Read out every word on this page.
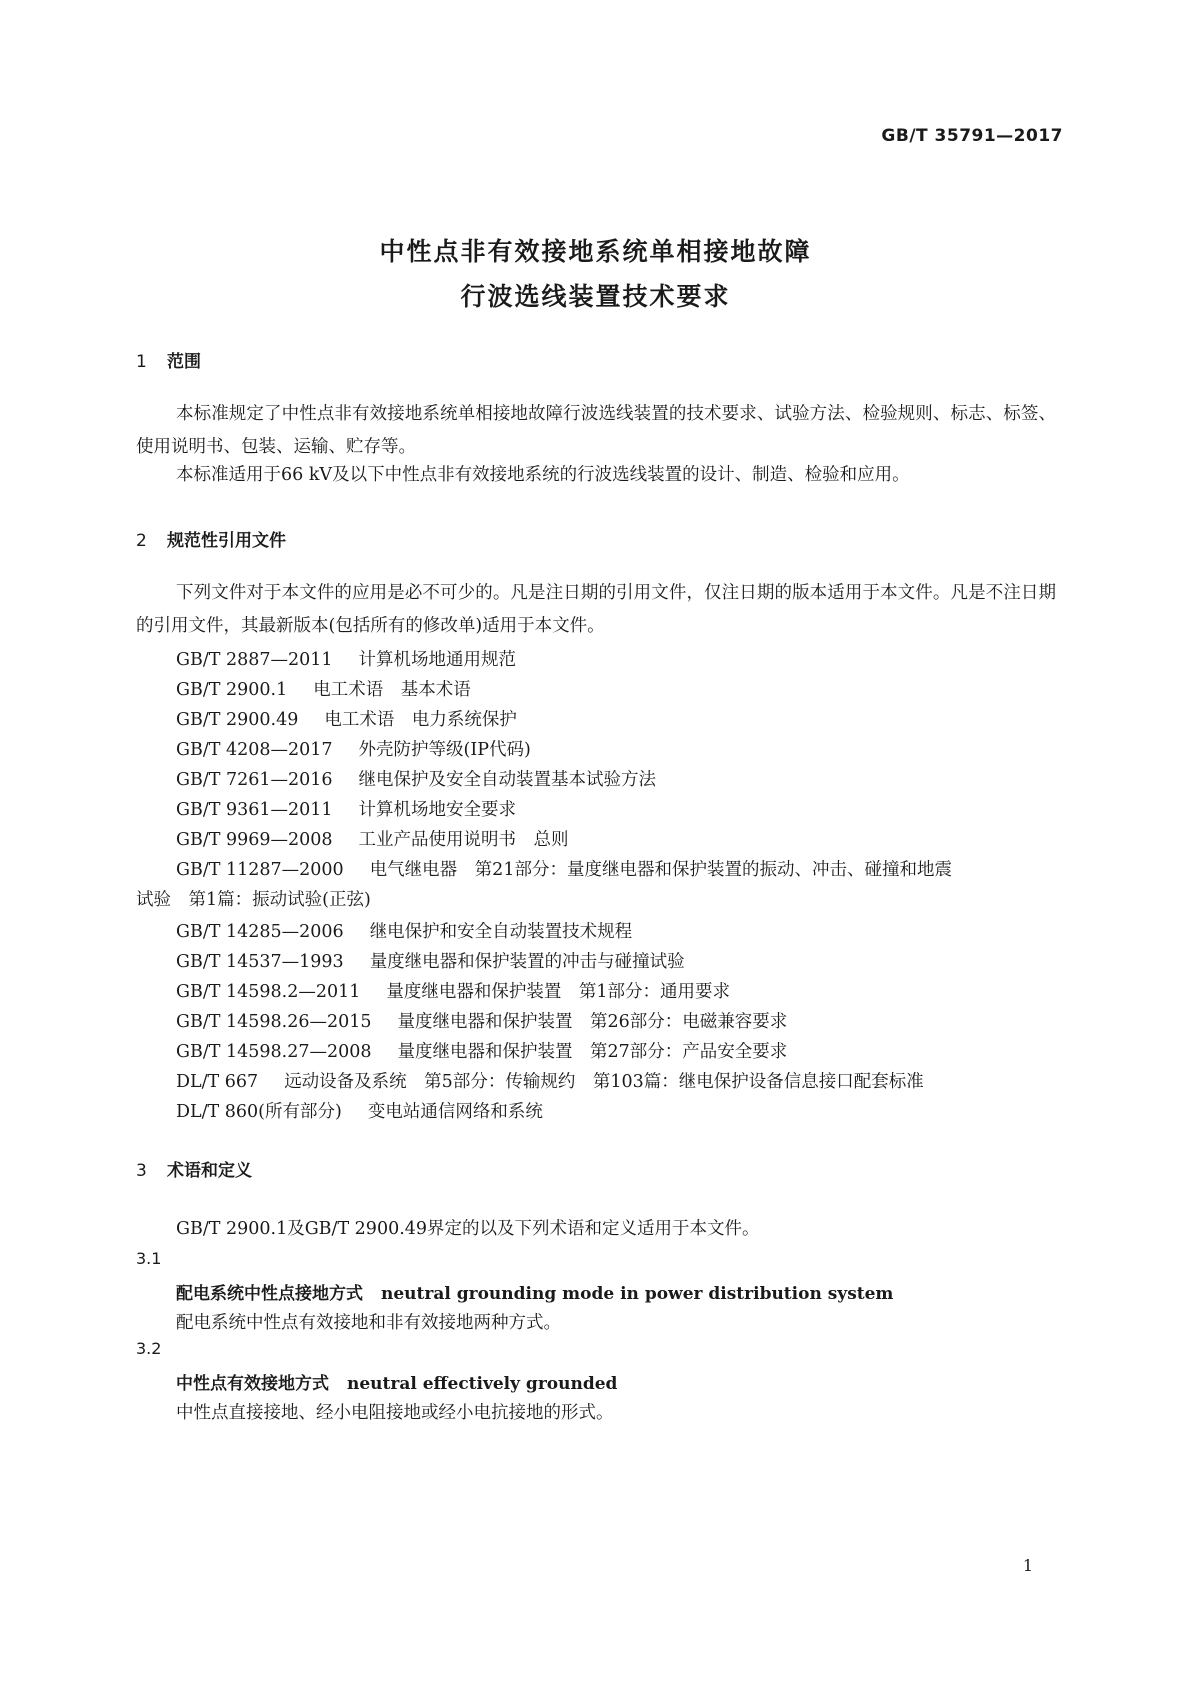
GB/T 35791—2017
中性点非有效接地系统单相接地故障
行波选线装置技术要求
1 范围
本标准规定了中性点非有效接地系统单相接地故障行波选线装置的技术要求、试验方法、检验规则、标志、标签、使用说明书、包装、运输、贮存等。
本标准适用于66 kV及以下中性点非有效接地系统的行波选线装置的设计、制造、检验和应用。
2 规范性引用文件
下列文件对于本文件的应用是必不可少的。凡是注日期的引用文件，仅注日期的版本适用于本文件。凡是不注日期的引用文件，其最新版本(包括所有的修改单)适用于本文件。
GB/T 2887—2011 计算机场地通用规范
GB/T 2900.1 电工术语　基本术语
GB/T 2900.49 电工术语　电力系统保护
GB/T 4208—2017 外壳防护等级(IP代码)
GB/T 7261—2016 继电保护及安全自动装置基本试验方法
GB/T 9361—2011 计算机场地安全要求
GB/T 9969—2008 工业产品使用说明书　总则
GB/T 11287—2000 电气继电器　第21部分：量度继电器和保护装置的振动、冲击、碰撞和地震
试验　第1篇：振动试验(正弦)
GB/T 14285—2006 继电保护和安全自动装置技术规程
GB/T 14537—1993 量度继电器和保护装置的冲击与碰撞试验
GB/T 14598.2—2011 量度继电器和保护装置　第1部分：通用要求
GB/T 14598.26—2015 量度继电器和保护装置　第26部分：电磁兼容要求
GB/T 14598.27—2008 量度继电器和保护装置　第27部分：产品安全要求
DL/T 667 远动设备及系统　第5部分：传输规约　第103篇：继电保护设备信息接口配套标准
DL/T 860(所有部分) 变电站通信网络和系统
3 术语和定义
GB/T 2900.1及GB/T 2900.49界定的以及下列术语和定义适用于本文件。
3.1
配电系统中性点接地方式 neutral grounding mode in power distribution system
配电系统中性点有效接地和非有效接地两种方式。
3.2
中性点有效接地方式 neutral effectively grounded
中性点直接接地、经小电阻接地或经小电抗接地的形式。
1
